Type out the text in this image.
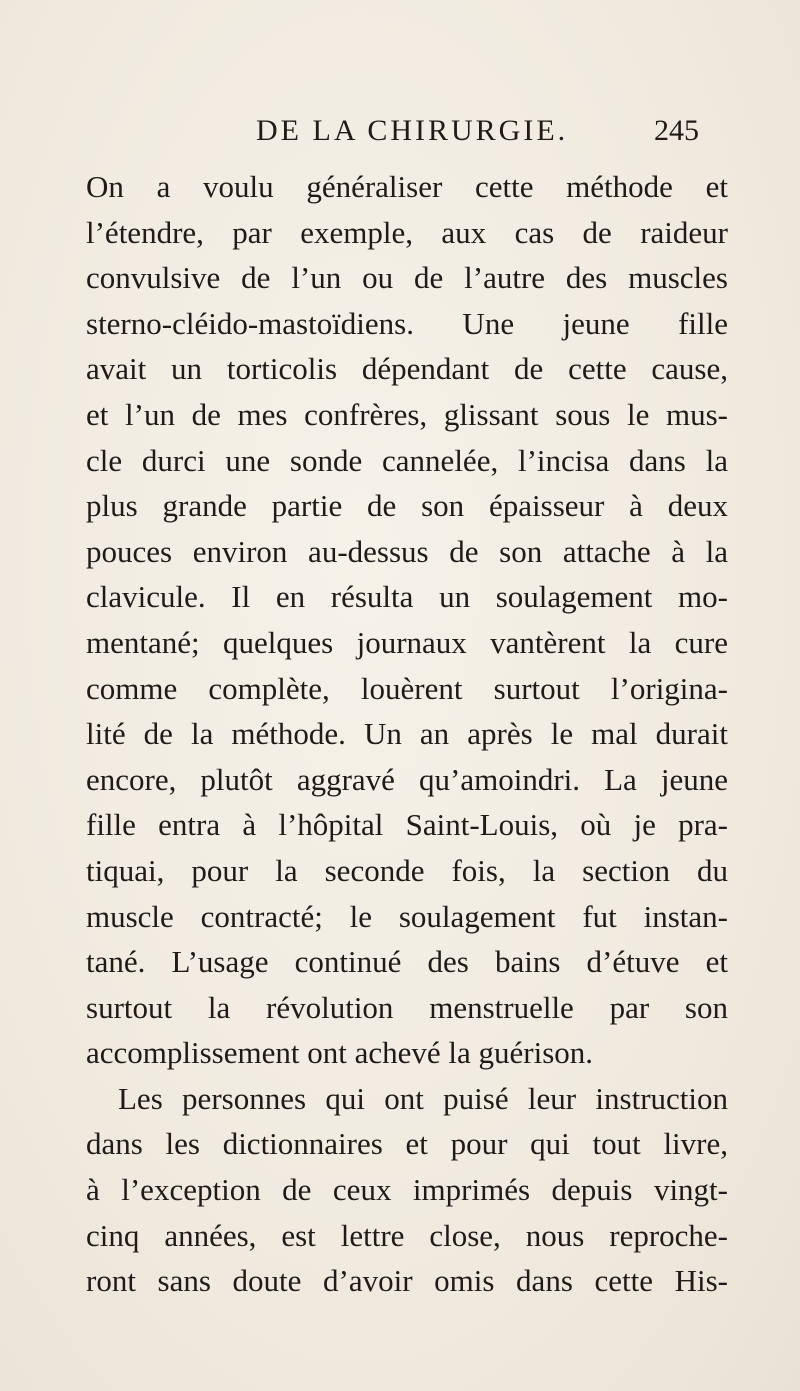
DE LA CHIRURGIE.	245
On a voulu généraliser cette méthode et
l’étendre, par exemple, aux cas de raideur
convulsive de l’un ou de l’autre des muscles
sterno-cléido-mastoïdiens. Une jeune fille
avait un torticolis dépendant de cette cause,
et l’un de mes confrères, glissant sous le mus-
cle durci une sonde cannelée, l’incisa dans la
plus grande partie de son épaisseur à deux
pouces environ au-dessus de son attache à la
clavicule. Il en résulta un soulagement mo-
mentané; quelques journaux vantèrent la cure
comme complète, louèrent surtout l’origina-
lité de la méthode. Un an après le mal durait
encore, plutôt aggravé qu’amoindri. La jeune
fille entra à l’hôpital Saint-Louis, où je pra-
tiquai, pour la seconde fois, la section du
muscle contracté; le soulagement fut instan-
tané. L’usage continué des bains d’étuve et
surtout la révolution menstruelle par son
accomplissement ont achevé la guérison.
Les personnes qui ont puisé leur instruction
dans les dictionnaires et pour qui tout livre,
à l’exception de ceux imprimés depuis vingt-
cinq années, est lettre close, nous reproche-
ront sans doute d’avoir omis dans cette His-
